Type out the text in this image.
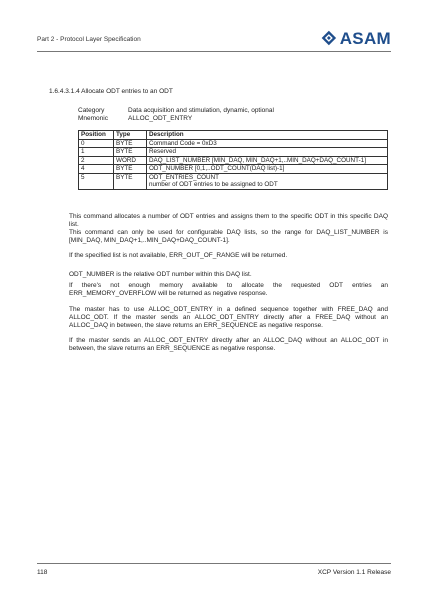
Part 2 - Protocol Layer Specification	ASAM
1.6.4.3.1.4 Allocate ODT entries to an ODT
Category	Data acquisition and stimulation, dynamic, optional
Mnemonic	ALLOC_ODT_ENTRY
Position	Type	Description
0	BYTE	Command Code = 0xD3
1	BYTE	Reserved
2	WORD	DAQ_LIST_NUMBER [MIN_DAQ, MIN_DAQ+1,..MIN_DAQ+DAQ_COUNT-1]
4	BYTE	ODT_NUMBER [0,1,..ODT_COUNT(DAQ list)-1]
5	BYTE	ODT_ENTRIES_COUNT
number of ODT entries to be assigned to ODT
This command allocates a number of ODT entries and assigns them to the specific ODT in this specific DAQ list.
This command can only be used for configurable DAQ lists, so the range for DAQ_LIST_NUMBER is [MIN_DAQ, MIN_DAQ+1,..MIN_DAQ+DAQ_COUNT-1].
If the specified list is not available, ERR_OUT_OF_RANGE will be returned.
ODT_NUMBER is the relative ODT number within this DAQ list.
If there's not enough memory available to allocate the requested ODT entries an ERR_MEMORY_OVERFLOW will be returned as negative response.
The master has to use ALLOC_ODT_ENTRY in a defined sequence together with FREE_DAQ and ALLOC_ODT. If the master sends an ALLOC_ODT_ENTRY directly after a FREE_DAQ without an ALLOC_DAQ in between, the slave returns an ERR_SEQUENCE as negative response.
If the master sends an ALLOC_ODT_ENTRY directly after an ALLOC_DAQ without an ALLOC_ODT in between, the slave returns an ERR_SEQUENCE as negative response.
118	XCP Version 1.1 Release
